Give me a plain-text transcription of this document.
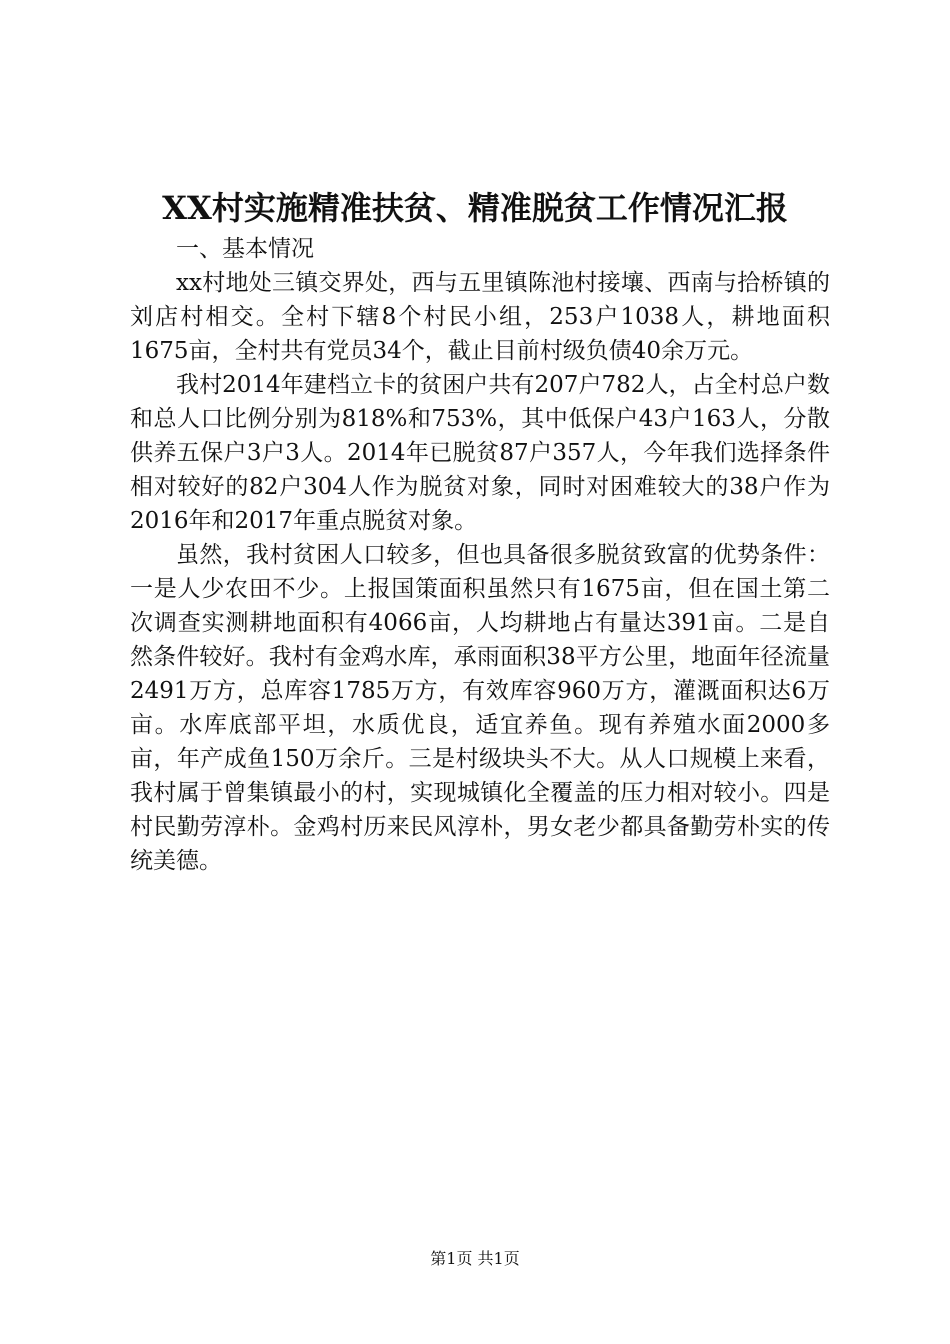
XX村实施精准扶贫、精准脱贫工作情况汇报

一、基本情况

xx村地处三镇交界处，西与五里镇陈池村接壤、西南与拾桥镇的刘店村相交。全村下辖8个村民小组，253户1038人，耕地面积1675亩，全村共有党员34个，截止目前村级负债40余万元。

我村2014年建档立卡的贫困户共有207户782人，占全村总户数和总人口比例分别为818%和753%，其中低保户43户163人，分散供养五保户3户3人。2014年已脱贫87户357人，今年我们选择条件相对较好的82户304人作为脱贫对象，同时对困难较大的38户作为2016年和2017年重点脱贫对象。

虽然，我村贫困人口较多，但也具备很多脱贫致富的优势条件：一是人少农田不少。上报国策面积虽然只有1675亩，但在国土第二次调查实测耕地面积有4066亩，人均耕地占有量达391亩。二是自然条件较好。我村有金鸡水库，承雨面积38平方公里，地面年径流量2491万方，总库容1785万方，有效库容960万方，灌溉面积达6万亩。水库底部平坦，水质优良，适宜养鱼。现有养殖水面2000多亩，年产成鱼150万余斤。三是村级块头不大。从人口规模上来看，我村属于曾集镇最小的村，实现城镇化全覆盖的压力相对较小。四是村民勤劳淳朴。金鸡村历来民风淳朴，男女老少都具备勤劳朴实的传统美德。

第1页 共1页
